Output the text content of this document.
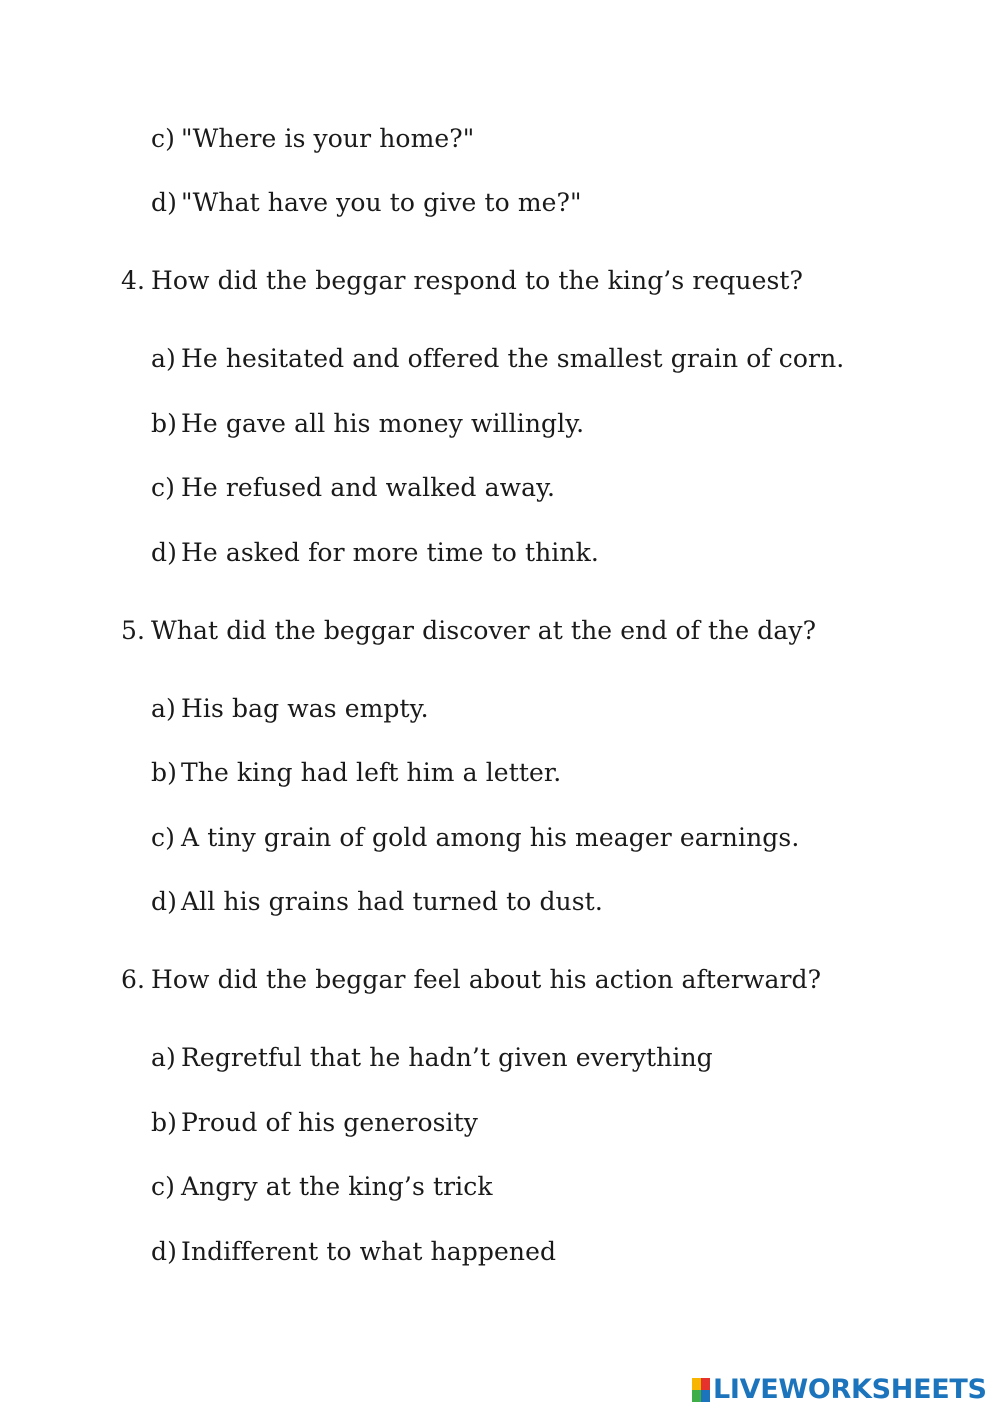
c) "Where is your home?"
d) "What have you to give to me?"
4. How did the beggar respond to the king’s request?
a) He hesitated and offered the smallest grain of corn.
b) He gave all his money willingly.
c) He refused and walked away.
d) He asked for more time to think.
5. What did the beggar discover at the end of the day?
a) His bag was empty.
b) The king had left him a letter.
c) A tiny grain of gold among his meager earnings.
d) All his grains had turned to dust.
6. How did the beggar feel about his action afterward?
a) Regretful that he hadn’t given everything
b) Proud of his generosity
c) Angry at the king’s trick
d) Indifferent to what happened
LIVEWORKSHEETS
